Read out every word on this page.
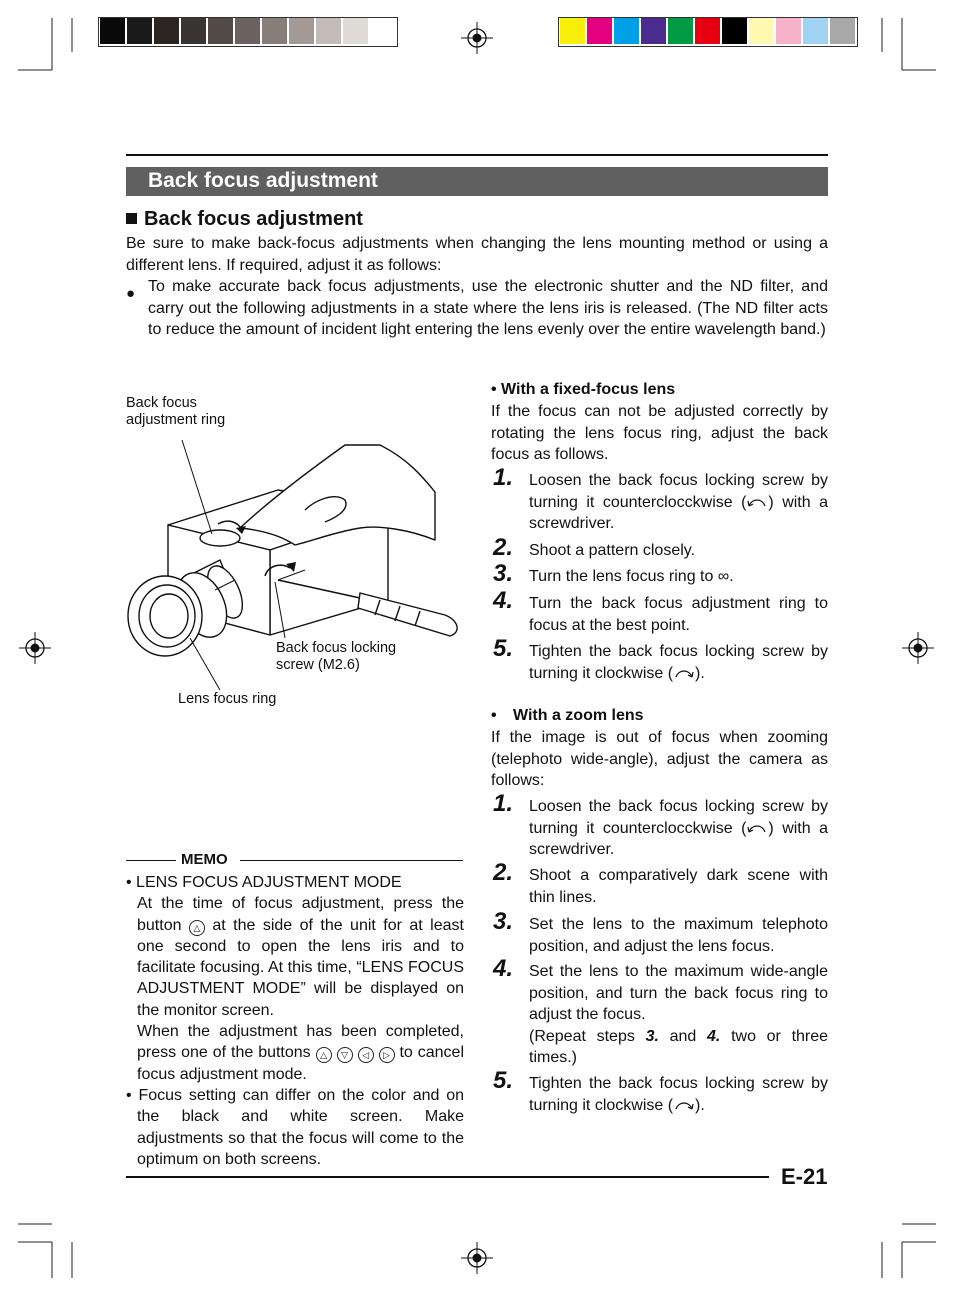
Back focus adjustment
Back focus adjustment
Be sure to make back-focus adjustments when changing the lens mounting method or using a different lens. If required, adjust it as follows:
● To make accurate back focus adjustments, use the electronic shutter and the ND filter, and carry out the following adjustments in a state where the lens iris is released. (The ND filter acts to reduce the amount of incident light entering the lens evenly over the entire wavelength band.)
Back focus
adjustment ring
Back focus locking
screw (M2.6)
Lens focus ring
MEMO
• LENS FOCUS ADJUSTMENT MODE

At the time of focus adjustment, press the button △ at the side of the unit for at least one second to open the lens iris and to facilitate focusing. At this time, “LENS FOCUS ADJUSTMENT MODE” will be displayed on the monitor screen.

When the adjustment has been completed, press one of the buttons △ ▽ ◁ ▷ to cancel focus adjustment mode.

• Focus setting can differ on the color and on the black and white screen. Make adjustments so that the focus will come to the optimum on both screens.
• With a fixed-focus lens
If the focus can not be adjusted correctly by rotating the lens focus ring, adjust the back focus as follows.
1. Loosen the back focus locking screw by turning it counterclocckwise ( ) with a screwdriver.
2. Shoot a pattern closely.
3. Turn the lens focus ring to ∞.
4. Turn the back focus adjustment ring to focus at the best point.
5. Tighten the back focus locking screw by turning it clockwise ( ).
• With a zoom lens
If the image is out of focus when zooming (telephoto wide-angle), adjust the camera as follows:
1. Loosen the back focus locking screw by turning it counterclocckwise ( ) with a screwdriver.
2. Shoot a comparatively dark scene with thin lines.
3. Set the lens to the maximum telephoto position, and adjust the lens focus.
4. Set the lens to the maximum wide-angle position, and turn the back focus ring to adjust the focus.
(Repeat steps 3. and 4. two or three times.)
5. Tighten the back focus locking screw by turning it clockwise ( ).
E-21
